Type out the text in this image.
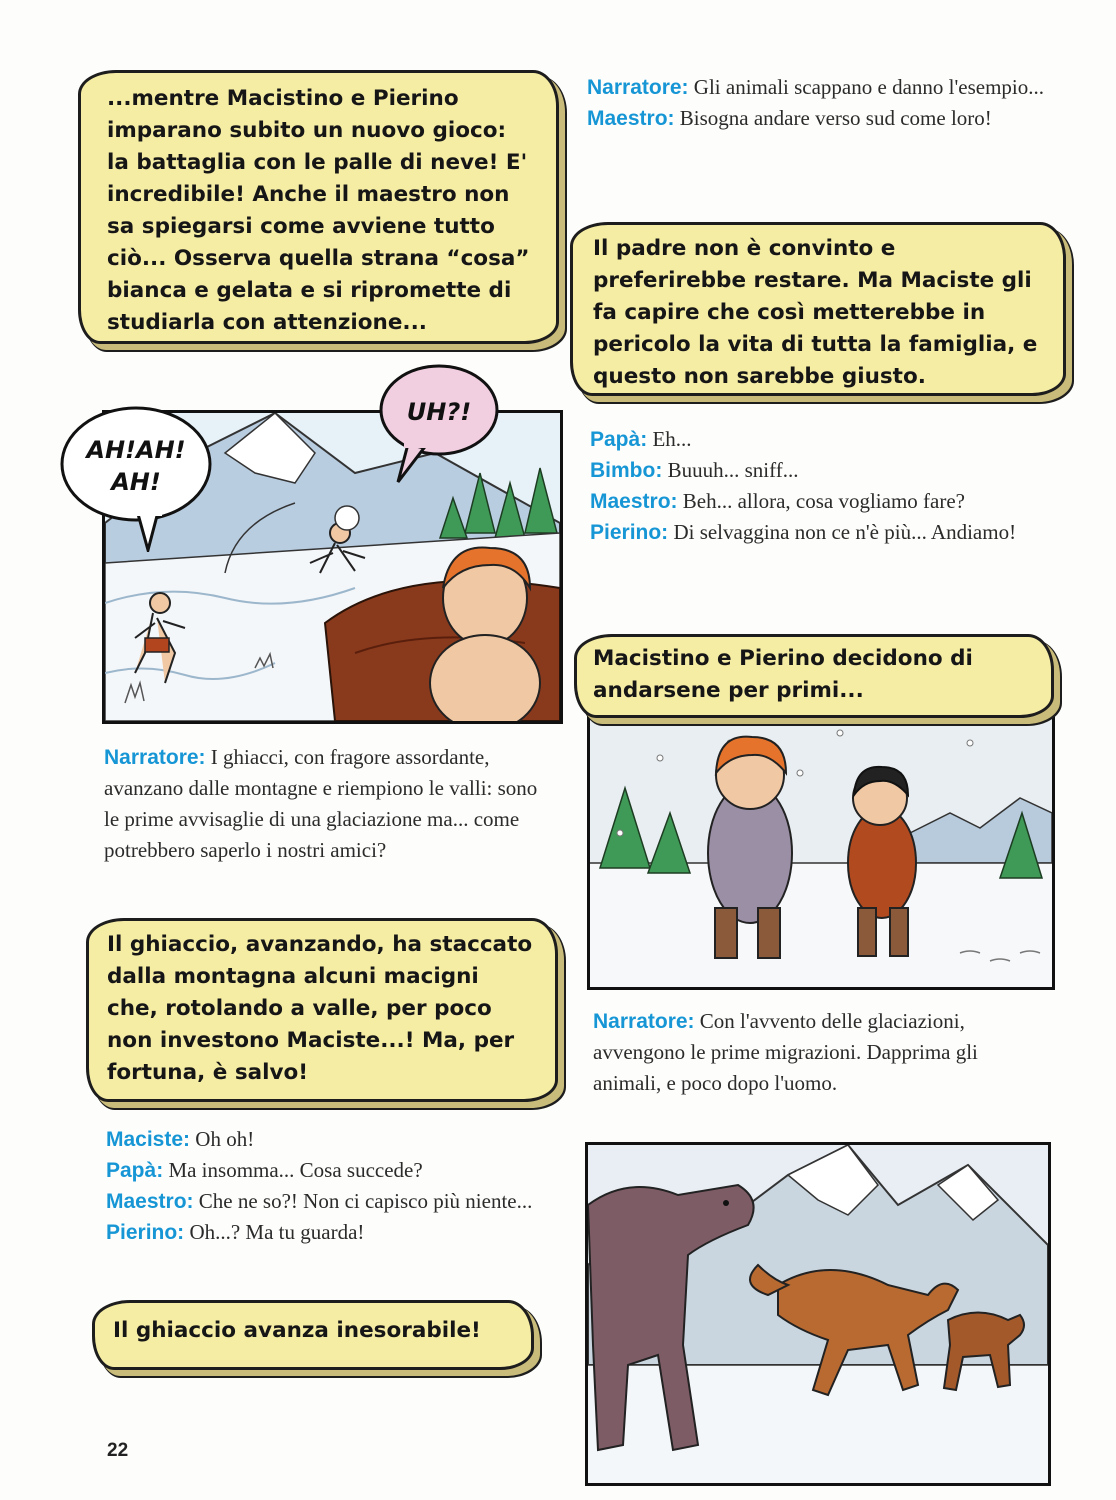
...mentre Macistino e Pierino imparano subito un nuovo gioco: la battaglia con le palle di neve! E' incredibile! Anche il maestro non sa spiegarsi come avviene tutto ciò... Osserva quella strana “cosa” bianca e gelata e si ripromette di studiarla con attenzione...

Narratore: Gli animali scappano e danno l'esempio...
Maestro: Bisogna andare verso sud come loro!

Il padre non è convinto e preferirebbe restare. Ma Maciste gli fa capire che così metterebbe in pericolo la vita di tutta la famiglia, e questo non sarebbe giusto.

AH!AH!
AH!
UH?!
Papà: Eh...
Bimbo: Buuuh... sniff...
Maestro: Beh... allora, cosa vogliamo fare?
Pierino: Di selvaggina non ce n'è più... Andiamo!

Macistino e Pierino decidono di andarsene per primi...

Narratore: I ghiacci, con fragore assordante, avanzano dalle montagne e riempiono le valli: sono le prime avvisaglie di una glaciazione ma... come potrebbero saperlo i nostri amici?

Il ghiaccio, avanzando, ha staccato dalla montagna alcuni macigni che, rotolando a valle, per poco non investono Maciste...! Ma, per fortuna, è salvo!

Narratore: Con l'avvento delle glaciazioni, avvengono le prime migrazioni. Dapprima gli animali, e poco dopo l'uomo.
Maciste: Oh oh!
Papà: Ma insomma... Cosa succede?
Maestro: Che ne so?! Non ci capisco più niente...
Pierino: Oh...? Ma tu guarda!

Il ghiaccio avanza inesorabile!

22
